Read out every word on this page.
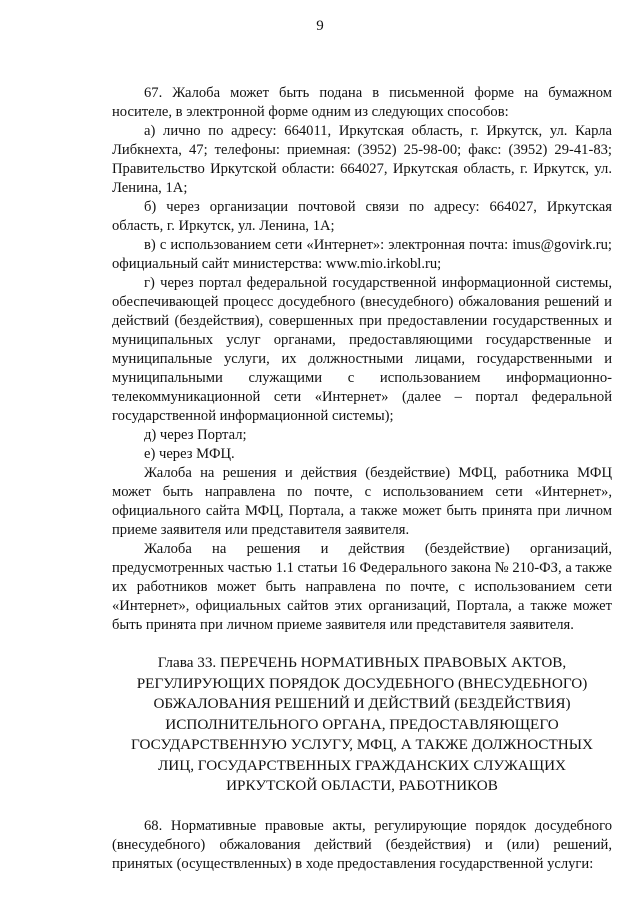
9

67. Жалоба может быть подана в письменной форме на бумажном носителе, в электронной форме одним из следующих способов:

а) лично по адресу: 664011, Иркутская область, г. Иркутск, ул. Карла Либкнехта, 47; телефоны: приемная: (3952) 25-98-00; факс: (3952) 29-41-83; Правительство Иркутской области: 664027, Иркутская область, г. Иркутск, ул. Ленина, 1А;

б) через организации почтовой связи по адресу: 664027, Иркутская область, г. Иркутск, ул. Ленина, 1А;

в) с использованием сети «Интернет»: электронная почта: imus@govirk.ru; официальный сайт министерства: www.mio.irkobl.ru;

г) через портал федеральной государственной информационной системы, обеспечивающей процесс досудебного (внесудебного) обжалования решений и действий (бездействия), совершенных при предоставлении государственных и муниципальных услуг органами, предоставляющими государственные и муниципальные услуги, их должностными лицами, государственными и муниципальными служащими с использованием информационно-телекоммуникационной сети «Интернет» (далее – портал федеральной государственной информационной системы);

д) через Портал;

е) через МФЦ.

Жалоба на решения и действия (бездействие) МФЦ, работника МФЦ может быть направлена по почте, с использованием сети «Интернет», официального сайта МФЦ, Портала, а также может быть принята при личном приеме заявителя или представителя заявителя.

Жалоба на решения и действия (бездействие) организаций, предусмотренных частью 1.1 статьи 16 Федерального закона № 210-ФЗ, а также их работников может быть направлена по почте, с использованием сети «Интернет», официальных сайтов этих организаций, Портала, а также может быть принята при личном приеме заявителя или представителя заявителя.

Глава 33. ПЕРЕЧЕНЬ НОРМАТИВНЫХ ПРАВОВЫХ АКТОВ, РЕГУЛИРУЮЩИХ ПОРЯДОК ДОСУДЕБНОГО (ВНЕСУДЕБНОГО) ОБЖАЛОВАНИЯ РЕШЕНИЙ И ДЕЙСТВИЙ (БЕЗДЕЙСТВИЯ) ИСПОЛНИТЕЛЬНОГО ОРГАНА, ПРЕДОСТАВЛЯЮЩЕГО ГОСУДАРСТВЕННУЮ УСЛУГУ, МФЦ, А ТАКЖЕ ДОЛЖНОСТНЫХ ЛИЦ, ГОСУДАРСТВЕННЫХ ГРАЖДАНСКИХ СЛУЖАЩИХ ИРКУТСКОЙ ОБЛАСТИ, РАБОТНИКОВ

68. Нормативные правовые акты, регулирующие порядок досудебного (внесудебного) обжалования действий (бездействия) и (или) решений, принятых (осуществленных) в ходе предоставления государственной услуги:
